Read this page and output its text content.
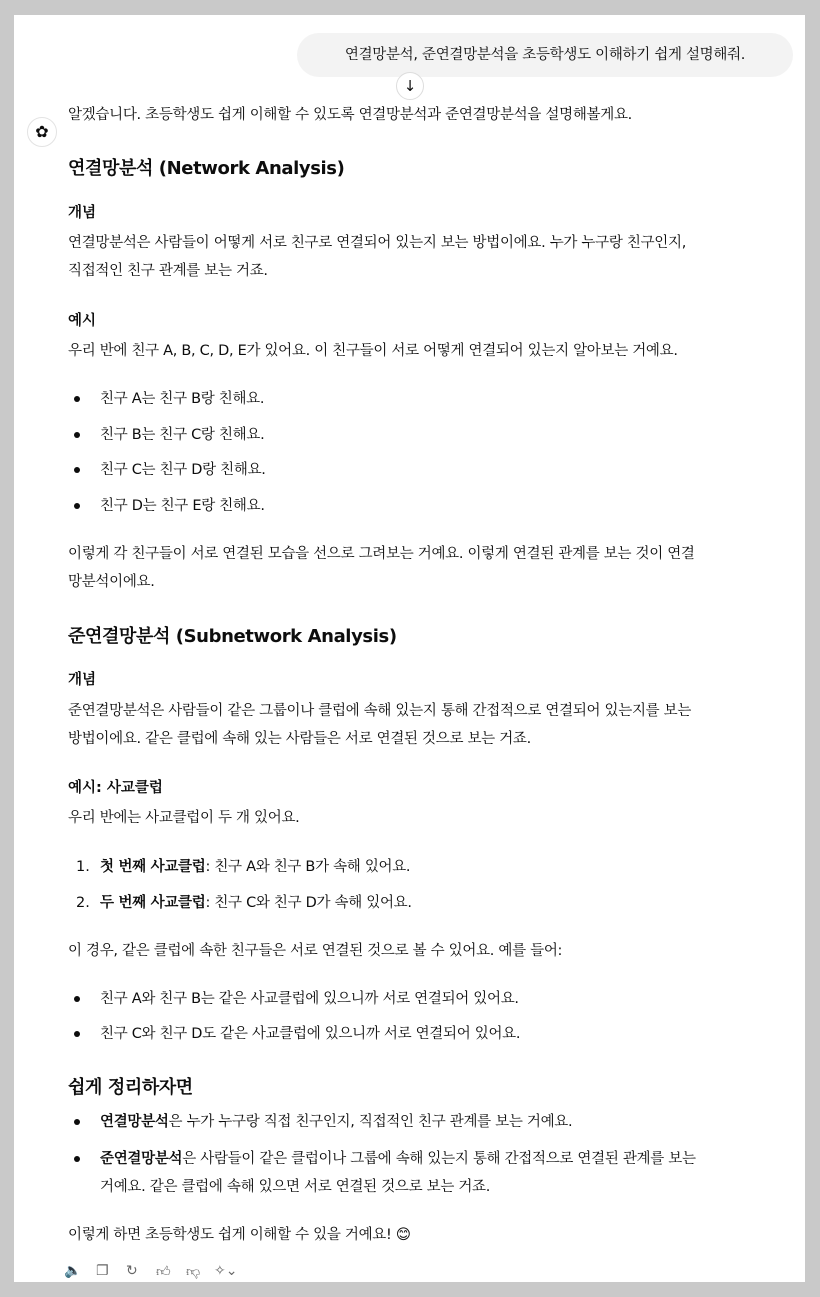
연결망분석, 준연결망분석을 초등학생도 이해하기 쉽게 설명해줘.
↓
✿
알겠습니다. 초등학생도 쉽게 이해할 수 있도록 연결망분석과 준연결망분석을 설명해볼게요.
연결망분석 (Network Analysis)
개념
연결망분석은 사람들이 어떻게 서로 친구로 연결되어 있는지 보는 방법이에요. 누가 누구랑 친구인지,
직접적인 친구 관계를 보는 거죠.
예시
우리 반에 친구 A, B, C, D, E가 있어요. 이 친구들이 서로 어떻게 연결되어 있는지 알아보는 거예요.
친구 A는 친구 B랑 친해요.
친구 B는 친구 C랑 친해요.
친구 C는 친구 D랑 친해요.
친구 D는 친구 E랑 친해요.
이렇게 각 친구들이 서로 연결된 모습을 선으로 그려보는 거예요. 이렇게 연결된 관계를 보는 것이 연결
망분석이에요.
준연결망분석 (Subnetwork Analysis)
개념
준연결망분석은 사람들이 같은 그룹이나 클럽에 속해 있는지 통해 간접적으로 연결되어 있는지를 보는
방법이에요. 같은 클럽에 속해 있는 사람들은 서로 연결된 것으로 보는 거죠.
예시: 사교클럽
우리 반에는 사교클럽이 두 개 있어요.
1. 첫 번째 사교클럽: 친구 A와 친구 B가 속해 있어요.
2. 두 번째 사교클럽: 친구 C와 친구 D가 속해 있어요.
이 경우, 같은 클럽에 속한 친구들은 서로 연결된 것으로 볼 수 있어요. 예를 들어:
친구 A와 친구 B는 같은 사교클럽에 있으니까 서로 연결되어 있어요.
친구 C와 친구 D도 같은 사교클럽에 있으니까 서로 연결되어 있어요.
쉽게 정리하자면
연결망분석은 누가 누구랑 직접 친구인지, 직접적인 친구 관계를 보는 거예요.
준연결망분석은 사람들이 같은 클럽이나 그룹에 속해 있는지 통해 간접적으로 연결된 관계를 보는
거예요. 같은 클럽에 속해 있으면 서로 연결된 것으로 보는 거죠.
이렇게 하면 초등학생도 쉽게 이해할 수 있을 거예요! 😊
🔈 ❐ ↻ 👍︎ 👎︎ ✧⌄
